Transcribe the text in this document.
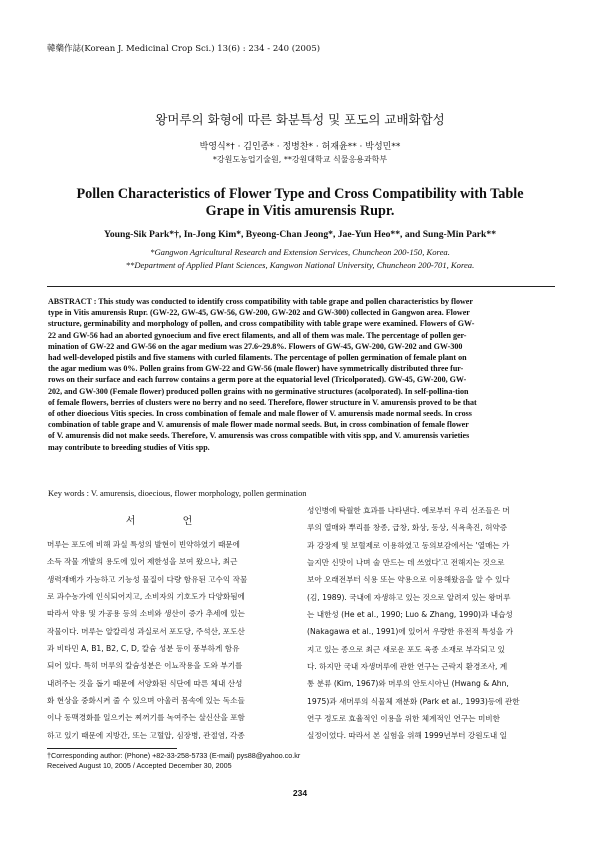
韓藥作誌(Korean J. Medicinal Crop Sci.) 13(6) : 234 - 240 (2005)
왕머루의 화형에 따른 화분특성 및 포도의 교배화합성
박영식*† · 김인종* · 정병찬* · 허재윤** · 박성민**
*강원도농업기술원, **강원대학교 식물응용과학부
Pollen Characteristics of Flower Type and Cross Compatibility with Table
Grape in Vitis amurensis Rupr.
Young-Sik Park*†, In-Jong Kim*, Byeong-Chan Jeong*, Jae-Yun Heo**, and Sung-Min Park**
*Gangwon Agricultural Research and Extension Services, Chuncheon 200-150, Korea.
**Department of Applied Plant Sciences, Kangwon National University, Chuncheon 200-701, Korea.
ABSTRACT : This study was conducted to identify cross compatibility with table grape and pollen characteristics by flower
type in Vitis amurensis Rupr. (GW-22, GW-45, GW-56, GW-200, GW-202 and GW-300) collected in Gangwon area. Flower
structure, germinability and morphology of pollen, and cross compatibility with table grape were examined. Flowers of GW-
22 and GW-56 had an aborted gynoecium and five erect filaments, and all of them was male. The percentage of pollen ger-
mination of GW-22 and GW-56 on the agar medium was 27.6~29.8%. Flowers of GW-45, GW-200, GW-202 and GW-300
had well-developed pistils and five stamens with curled filaments. The percentage of pollen germination of female plant on
the agar medium was 0%. Pollen grains from GW-22 and GW-56 (male flower) have symmetrically distributed three fur-
rows on their surface and each furrow contains a germ pore at the equatorial level (Tricolporated). GW-45, GW-200, GW-
202, and GW-300 (Female flower) produced pollen grains with no germinative structures (acolporated). In self-pollina-tion
of female flowers, berries of clusters were no berry and no seed. Therefore, flower structure in V. amurensis proved to be that
of other dioecious Vitis species. In cross combination of female and male flower of V. amurensis made normal seeds. In cross
combination of table grape and V. amurensis of male flower made normal seeds. But, in cross combination of female flower
of V. amurensis did not make seeds. Therefore, V. amurensis was cross compatible with vitis spp, and V. amurensis varieties
may contribute to breeding studies of Vitis spp.
Key words : V. amurensis, dioecious, flower morphology, pollen germination
서 언
머루는 포도에 비해 과실 특성의 발현이 빈약하였기 때문에
소득 작물 개발의 용도에 있어 제한성을 보여 왔으나, 최근
생력재배가 가능하고 기능성 물질이 다량 함유된 고수익 작물
로 과수농가에 인식되어지고, 소비자의 기호도가 다양화됨에
따라서 약용 및 가공용 등의 소비와 생산이 증가 추세에 있는
작물이다. 머루는 알칼리성 과실로서 포도당, 주석산, 포도산
과 비타민 A, B1, B2, C, D, 칼슘 성분 등이 풍부하게 함유
되어 있다. 특히 머루의 칼슘성분은 이뇨작용을 도와 부기를
내려주는 것을 돕기 때문에 서양화된 식단에 따른 체내 산성
화 현상을 중화시켜 줄 수 있으며 아울러 몸속에 있는 독소들
이나 동맥경화를 일으키는 찌꺼기를 녹여주는 살신산을 포함
하고 있기 때문에 지방간, 또는 고혈압, 심장병, 관절염, 각종
성인병에 탁월한 효과를 나타낸다. 예로부터 우리 선조들은 머
루의 열매와 뿌리를 창종, 급창, 화상, 동상, 식욕촉진, 허약증
과 강장제 및 보혈제로 이용하였고 동의보감에서는 '열매는 가
늘지만 신맛이 나며 술 만드는 데 쓰였다'고 전해지는 것으로
보아 오래전부터 식용 또는 약용으로 이용해왔음을 알 수 있다
(김, 1989). 국내에 자생하고 있는 것으로 알려져 있는 왕머루
는 내한성 (He et al., 1990; Luo & Zhang, 1990)과 내습성
(Nakagawa et al., 1991)에 있어서 우량한 유전적 특성을 가
지고 있는 종으로 최근 새로운 포도 육종 소재로 부각되고 있
다. 하지만 국내 자생머루에 관한 연구는 근락지 환경조사, 계
통 분류 (Kim, 1967)와 머루의 안토시아닌 (Hwang & Ahn,
1975)과 새머루의 식물체 재분화 (Park et al., 1993)등에 관한
연구 정도로 효율적인 이용을 위한 체계적인 연구는 미비한
실정이었다. 따라서 본 실험을 위해 1999년부터 강원도내 일
†Corresponding author: (Phone) +82-33-258-5733 (E-mail) pys88@yahoo.co.kr
Received August 10, 2005 / Accepted December 30, 2005
234
